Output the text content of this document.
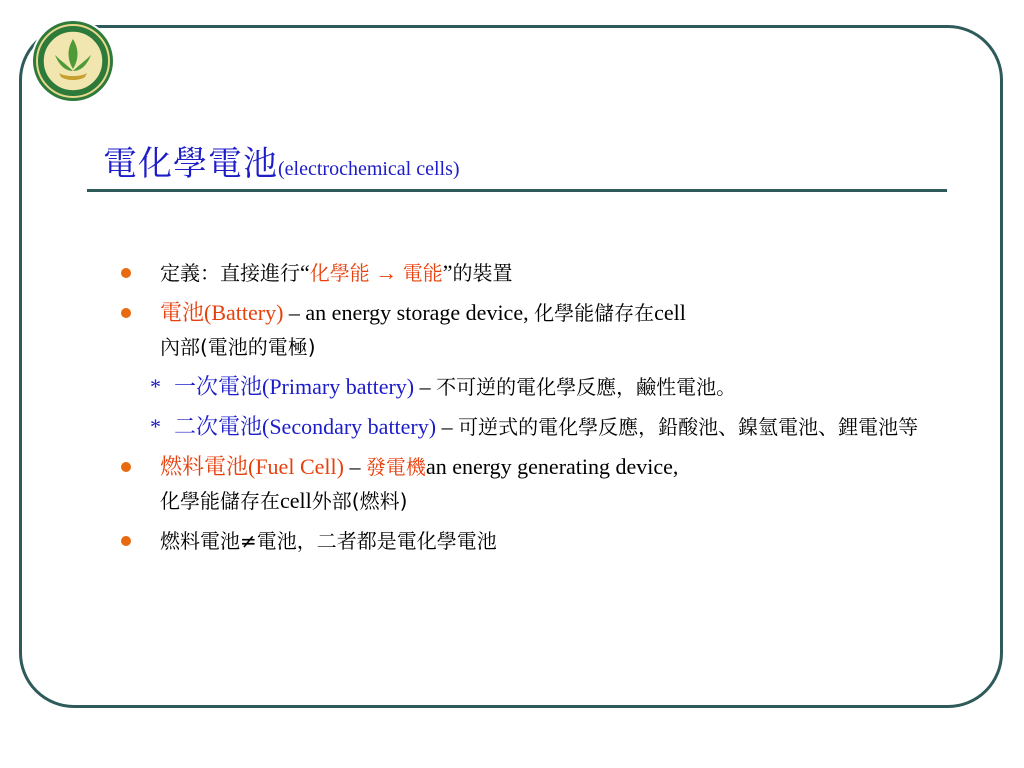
電化學電池(electrochemical cells)
定義：直接進行“化學能 → 電能”的裝置
電池(Battery) – an energy storage device, 化學能儲存在cell
內部(電池的電極)
* 一次電池(Primary battery) – 不可逆的電化學反應，鹼性電池。
* 二次電池(Secondary battery) – 可逆式的電化學反應，鉛酸池、鎳氫電池、鋰電池等
燃料電池(Fuel Cell) – 發電機an energy generating device,
化學能儲存在cell外部(燃料)
燃料電池≠電池，二者都是電化學電池
